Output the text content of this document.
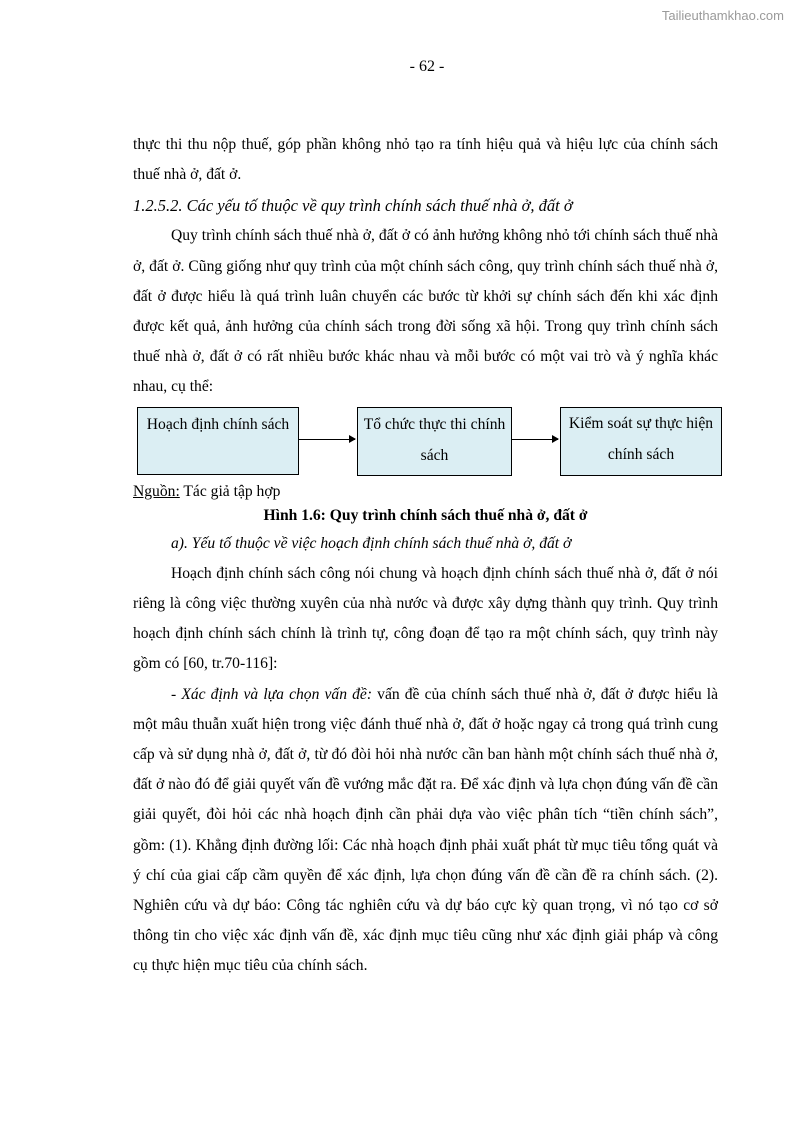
Tailieuthamkhao.com
- 62 -

thực thi thu nộp thuế, góp phần không nhỏ tạo ra tính hiệu quả và hiệu lực của chính sách thuế nhà ở, đất ở.

1.2.5.2. Các yếu tố thuộc về quy trình chính sách thuế nhà ở, đất ở

Quy trình chính sách thuế nhà ở, đất ở có ảnh hưởng không nhỏ tới chính sách thuế nhà ở, đất ở. Cũng giống như quy trình của một chính sách công, quy trình chính sách thuế nhà ở, đất ở được hiểu là quá trình luân chuyển các bước từ khởi sự chính sách đến khi xác định được kết quả, ảnh hưởng của chính sách trong đời sống xã hội. Trong quy trình chính sách thuế nhà ở, đất ở có rất nhiều bước khác nhau và mỗi bước có một vai trò và ý nghĩa khác nhau, cụ thể:

Hoạch định chính sách	Tổ chức thực thi chính sách
Kiểm soát sự thực hiện chính sách

Nguồn: Tác giả tập hợp

Hình 1.6: Quy trình chính sách thuế nhà ở, đất ở

a). Yếu tố thuộc về việc hoạch định chính sách thuế nhà ở, đất ở

Hoạch định chính sách công nói chung và hoạch định chính sách thuế nhà ở, đất ở nói riêng là công việc thường xuyên của nhà nước và được xây dựng thành quy trình. Quy trình hoạch định chính sách chính là trình tự, công đoạn để tạo ra một chính sách, quy trình này gồm có [60, tr.70-116]:

- Xác định và lựa chọn vấn đề: vấn đề của chính sách thuế nhà ở, đất ở được hiểu là một mâu thuẫn xuất hiện trong việc đánh thuế nhà ở, đất ở hoặc ngay cả trong quá trình cung cấp và sử dụng nhà ở, đất ở, từ đó đòi hỏi nhà nước cần ban hành một chính sách thuế nhà ở, đất ở nào đó để giải quyết vấn đề vướng mắc đặt ra. Để xác định và lựa chọn đúng vấn đề cần giải quyết, đòi hỏi các nhà hoạch định cần phải dựa vào việc phân tích “tiền chính sách”, gồm: (1). Khẳng định đường lối: Các nhà hoạch định phải xuất phát từ mục tiêu tổng quát và ý chí của giai cấp cầm quyền để xác định, lựa chọn đúng vấn đề cần đề ra chính sách. (2). Nghiên cứu và dự báo: Công tác nghiên cứu và dự báo cực kỳ quan trọng, vì nó tạo cơ sở thông tin cho việc xác định vấn đề, xác định mục tiêu cũng như xác định giải pháp và công cụ thực hiện mục tiêu của chính sách.
